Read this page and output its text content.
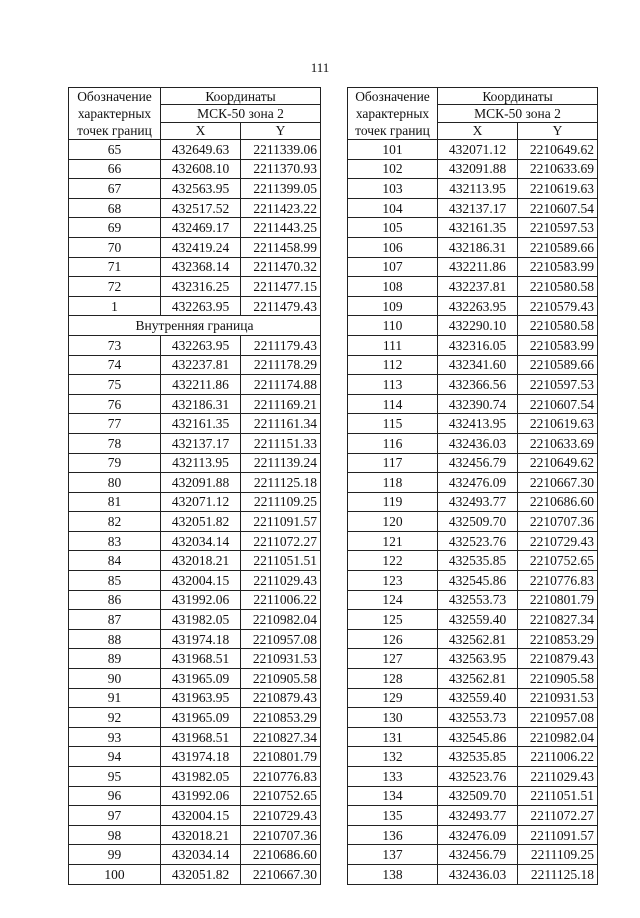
111
Обозначение
характерных
точек границ	Координаты	
	МСК-50 зона 2	
	X	Y
65	432649.63	2211339.06
66	432608.10	2211370.93
67	432563.95	2211399.05
68	432517.52	2211423.22
69	432469.17	2211443.25
70	432419.24	2211458.99
71	432368.14	2211470.32
72	432316.25	2211477.15
1	432263.95	2211479.43
Внутренняя граница		
73	432263.95	2211179.43
74	432237.81	2211178.29
75	432211.86	2211174.88
76	432186.31	2211169.21
77	432161.35	2211161.34
78	432137.17	2211151.33
79	432113.95	2211139.24
80	432091.88	2211125.18
81	432071.12	2211109.25
82	432051.82	2211091.57
83	432034.14	2211072.27
84	432018.21	2211051.51
85	432004.15	2211029.43
86	431992.06	2211006.22
87	431982.05	2210982.04
88	431974.18	2210957.08
89	431968.51	2210931.53
90	431965.09	2210905.58
91	431963.95	2210879.43
92	431965.09	2210853.29
93	431968.51	2210827.34
94	431974.18	2210801.79
95	431982.05	2210776.83
96	431992.06	2210752.65
97	432004.15	2210729.43
98	432018.21	2210707.36
99	432034.14	2210686.60
100	432051.82	2210667.30
Обозначение
характерных
точек границ	Координаты	
	МСК-50 зона 2	
	X	Y
101	432071.12	2210649.62
102	432091.88	2210633.69
103	432113.95	2210619.63
104	432137.17	2210607.54
105	432161.35	2210597.53
106	432186.31	2210589.66
107	432211.86	2210583.99
108	432237.81	2210580.58
109	432263.95	2210579.43
110	432290.10	2210580.58
111	432316.05	2210583.99
112	432341.60	2210589.66
113	432366.56	2210597.53
114	432390.74	2210607.54
115	432413.95	2210619.63
116	432436.03	2210633.69
117	432456.79	2210649.62
118	432476.09	2210667.30
119	432493.77	2210686.60
120	432509.70	2210707.36
121	432523.76	2210729.43
122	432535.85	2210752.65
123	432545.86	2210776.83
124	432553.73	2210801.79
125	432559.40	2210827.34
126	432562.81	2210853.29
127	432563.95	2210879.43
128	432562.81	2210905.58
129	432559.40	2210931.53
130	432553.73	2210957.08
131	432545.86	2210982.04
132	432535.85	2211006.22
133	432523.76	2211029.43
134	432509.70	2211051.51
135	432493.77	2211072.27
136	432476.09	2211091.57
137	432456.79	2211109.25
138	432436.03	2211125.18
